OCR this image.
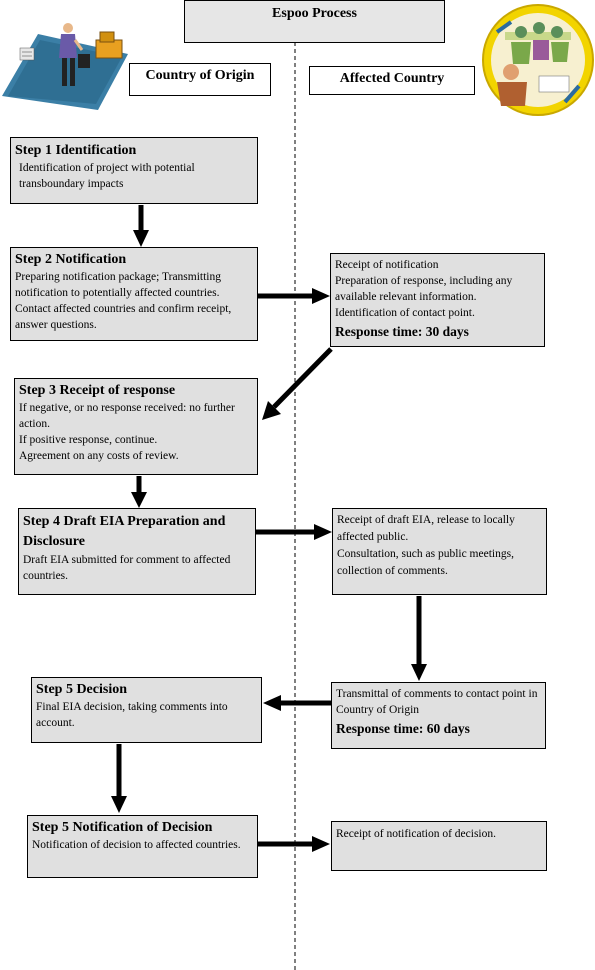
Espoo Process
Country of Origin	Affected Country
Step 1 Identification
Identification of project with potential transboundary impacts
Step 2 Notification
Preparing notification package; Transmitting notification to potentially affected countries.
Contact affected countries and confirm receipt, answer questions.
Receipt of notification
Preparation of response, including any available relevant information.
Identification of contact point.
Response time: 30 days
Step 3 Receipt of response
If negative, or no response received: no further action.
If positive response, continue.
Agreement on any costs of review.
Step 4 Draft EIA Preparation and Disclosure
Draft EIA submitted for comment to affected countries.
Receipt of draft EIA, release to locally affected public.
Consultation, such as public meetings, collection of comments.
Step 5 Decision
Final EIA decision, taking comments into account.
Transmittal of comments to contact point in Country of Origin
Response time: 60 days
Step 5 Notification of Decision
Notification of decision to affected countries.
Receipt of notification of decision.
